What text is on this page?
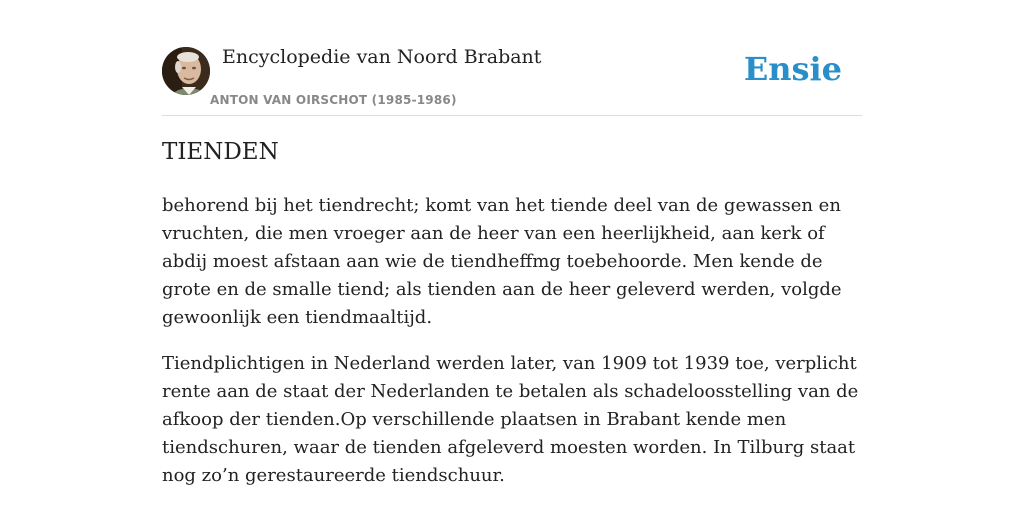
Encyclopedie van Noord Brabant
ANTON VAN OIRSCHOT (1985-1986)
Ensie
TIENDEN

behorend bij het tiendrecht; komt van het tiende deel van de gewassen en vruchten, die men vroeger aan de heer van een heerlijkheid, aan kerk of abdij moest afstaan aan wie de tiendheffmg toebehoorde. Men kende de grote en de smalle tiend; als tienden aan de heer geleverd werden, volgde gewoonlijk een tiendmaaltijd.

Tiendplichtigen in Nederland werden later, van 1909 tot 1939 toe, verplicht rente aan de staat der Nederlanden te betalen als schadeloosstelling van de afkoop der tienden.Op verschillende plaatsen in Brabant kende men tiendschuren, waar de tienden afgeleverd moesten worden. In Tilburg staat nog zo’n gerestaureerde tiendschuur.
